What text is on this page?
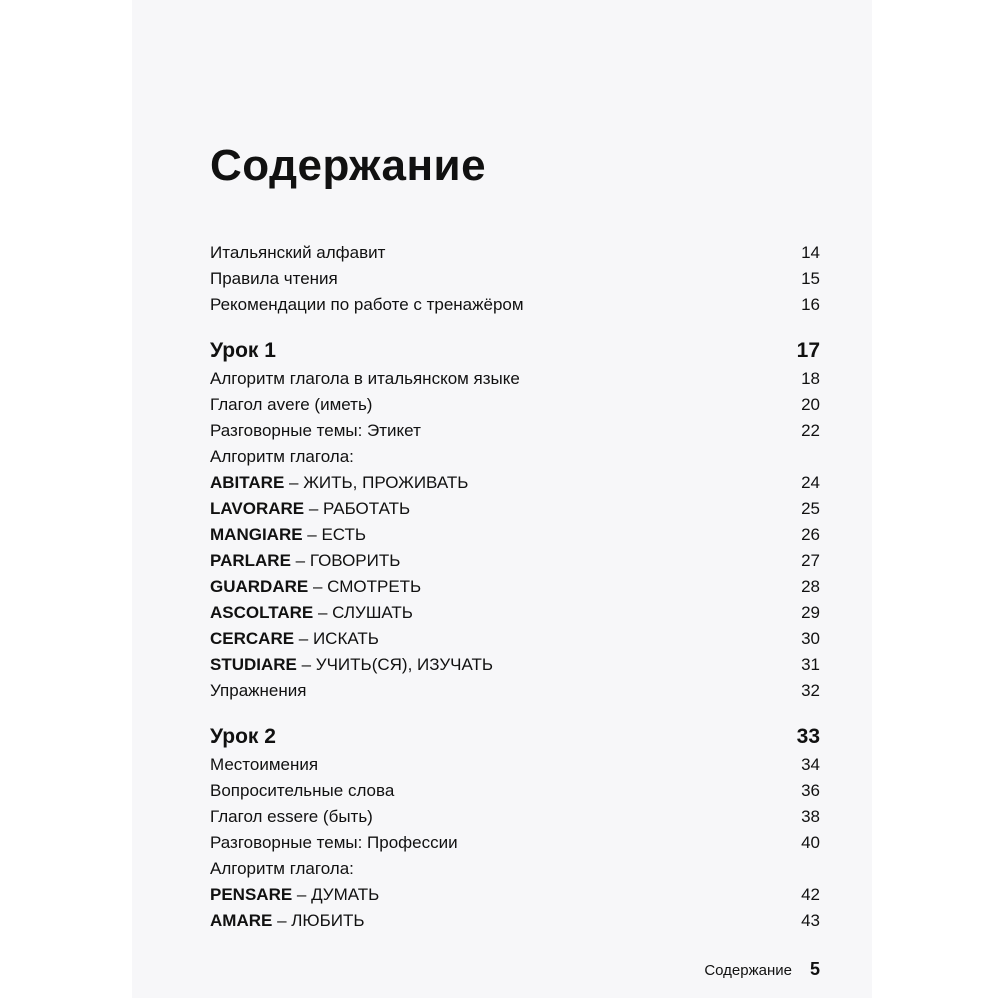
Содержание
Итальянский алфавит	14
Правила чтения	15
Рекомендации по работе с тренажёром	16
Урок 1	17
Алгоритм глагола в итальянском языке	18
Глагол avere (иметь)	20
Разговорные темы: Этикет	22
Алгоритм глагола:
ABITARE – ЖИТЬ, ПРОЖИВАТЬ	24
LAVORARE – РАБОТАТЬ	25
MANGIARE – ЕСТЬ	26
PARLARE – ГОВОРИТЬ	27
GUARDARE – СМОТРЕТЬ	28
ASCOLTARE – СЛУШАТЬ	29
CERCARE – ИСКАТЬ	30
STUDIARE – УЧИТЬ(СЯ), ИЗУЧАТЬ	31
Упражнения	32
Урок 2	33
Местоимения	34
Вопросительные слова	36
Глагол essere (быть)	38
Разговорные темы: Профессии	40
Алгоритм глагола:
PENSARE – ДУМАТЬ	42
AMARE – ЛЮБИТЬ	43
Содержание 5
